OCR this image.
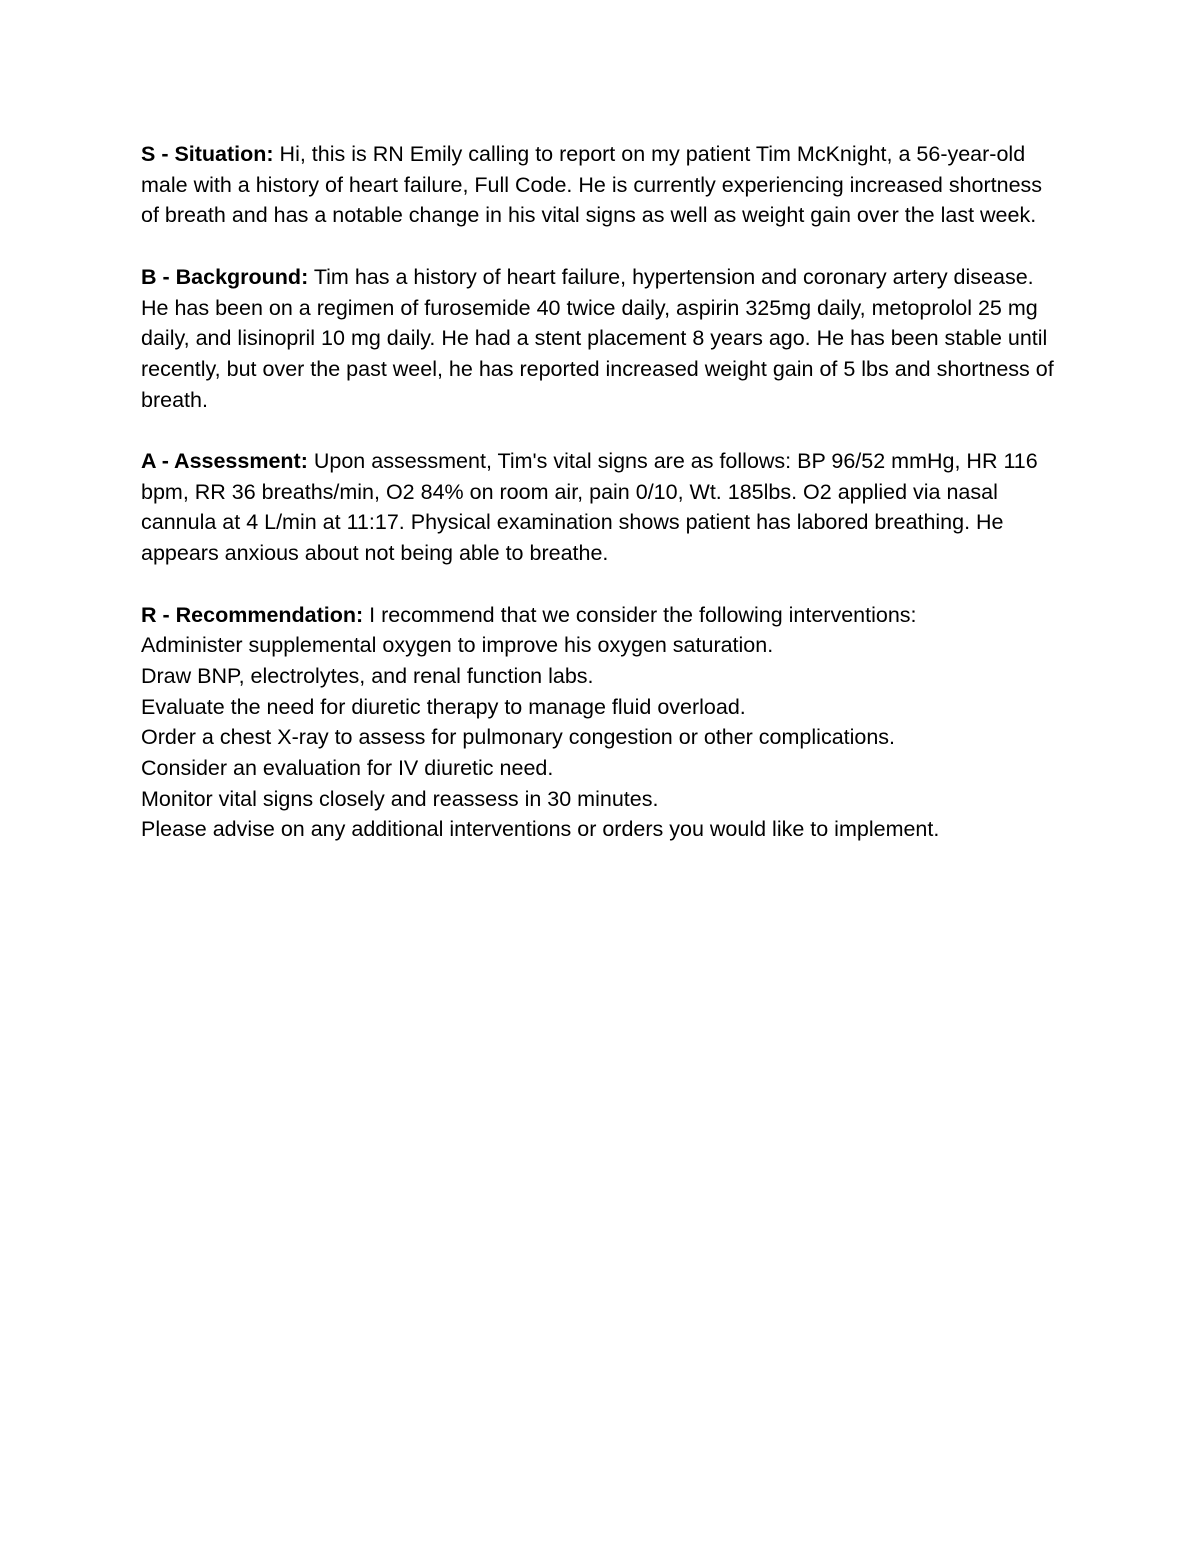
S - Situation: Hi, this is RN Emily calling to report on my patient Tim McKnight, a 56-year-old male with a history of heart failure, Full Code. He is currently experiencing increased shortness of breath and has a notable change in his vital signs as well as weight gain over the last week.

B - Background: Tim has a history of heart failure, hypertension and coronary artery disease. He has been on a regimen of furosemide 40 twice daily, aspirin 325mg daily, metoprolol 25 mg daily, and lisinopril 10 mg daily. He had a stent placement 8 years ago. He has been stable until recently, but over the past weel, he has reported increased weight gain of 5 lbs and shortness of breath.

A - Assessment: Upon assessment, Tim's vital signs are as follows: BP 96/52 mmHg, HR 116 bpm, RR 36 breaths/min, O2 84% on room air, pain 0/10, Wt. 185lbs. O2 applied via nasal cannula at 4 L/min at 11:17. Physical examination shows patient has labored breathing. He appears anxious about not being able to breathe.

R - Recommendation: I recommend that we consider the following interventions:

Administer supplemental oxygen to improve his oxygen saturation.
Draw BNP, electrolytes, and renal function labs.
Evaluate the need for diuretic therapy to manage fluid overload.
Order a chest X-ray to assess for pulmonary congestion or other complications.
Consider an evaluation for IV diuretic need.
Monitor vital signs closely and reassess in 30 minutes.
Please advise on any additional interventions or orders you would like to implement.
